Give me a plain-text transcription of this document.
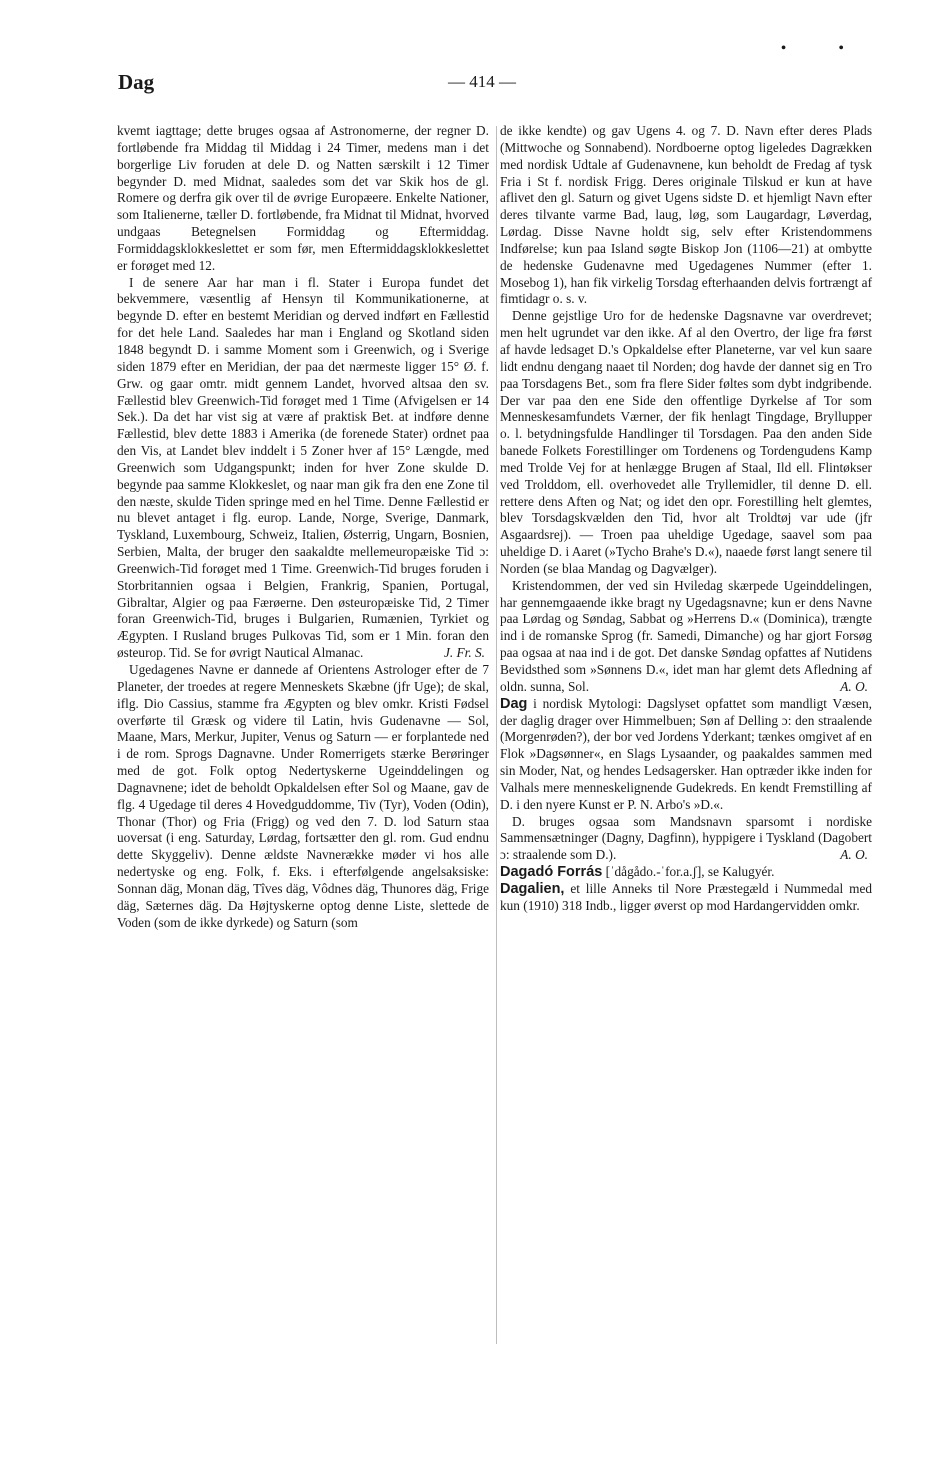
• •
Dag	— 414 —

kvemt iagttage; dette bruges ogsaa af Astronomerne, der regner D. fortløbende fra Middag til Middag i 24 Timer, medens man i det borgerlige Liv foruden at dele D. og Natten særskilt i 12 Timer begynder D. med Midnat, saaledes som det var Skik hos de gl. Romere og derfra gik over til de øvrige Europæere. Enkelte Nationer, som Italienerne, tæller D. fortløbende, fra Midnat til Midnat, hvorved undgaas Betegnelsen Formiddag og Eftermiddag. Formiddagsklokkeslettet er som før, men Eftermiddagsklokkeslettet er forøget med 12.

I de senere Aar har man i fl. Stater i Europa fundet det bekvemmere, væsentlig af Hensyn til Kommunikationerne, at begynde D. efter en bestemt Meridian og derved indført en Fællestid for det hele Land. Saaledes har man i England og Skotland siden 1848 begyndt D. i samme Moment som i Greenwich, og i Sverige siden 1879 efter en Meridian, der paa det nærmeste ligger 15° Ø. f. Grw. og gaar omtr. midt gennem Landet, hvorved altsaa den sv. Fællestid blev Greenwich-Tid forøget med 1 Time (Afvigelsen er 14 Sek.). Da det har vist sig at være af praktisk Bet. at indføre denne Fællestid, blev dette 1883 i Amerika (de forenede Stater) ordnet paa den Vis, at Landet blev inddelt i 5 Zoner hver af 15° Længde, med Greenwich som Udgangspunkt; inden for hver Zone skulde D. begynde paa samme Klokkeslet, og naar man gik fra den ene Zone til den næste, skulde Tiden springe med en hel Time. Denne Fællestid er nu blevet antaget i flg. europ. Lande, Norge, Sverige, Danmark, Tyskland, Luxembourg, Schweiz, Italien, Østerrig, Ungarn, Bosnien, Serbien, Malta, der bruger den saakaldte mellemeuropæiske Tid ɔ: Greenwich-Tid forøget med 1 Time. Greenwich-Tid bruges foruden i Storbritannien ogsaa i Belgien, Frankrig, Spanien, Portugal, Gibraltar, Algier og paa Færøerne. Den østeuropæiske Tid, 2 Timer foran Greenwich-Tid, bruges i Bulgarien, Rumænien, Tyrkiet og Ægypten. I Rusland bruges Pulkovas Tid, som er 1 Min. foran den østeurop. Tid. Se for øvrigt Nautical Almanac.	J. Fr. S.

Ugedagenes Navne er dannede af Orientens Astrologer efter de 7 Planeter, der troedes at regere Menneskets Skæbne (jfr Uge); de skal, iflg. Dio Cassius, stamme fra Ægypten og blev omkr. Kristi Fødsel overførte til Græsk og videre til Latin, hvis Gudenavne — Sol, Maane, Mars, Merkur, Jupiter, Venus og Saturn — er forplantede ned i de rom. Sprogs Dagnavne. Under Romerrigets stærke Berøringer med de got. Folk optog Nedertyskerne Ugeinddelingen og Dagnavnene; idet de beholdt Opkaldelsen efter Sol og Maane, gav de flg. 4 Ugedage til deres 4 Hovedguddomme, Tiv (Tyr), Voden (Odin), Thonar (Thor) og Fria (Frigg) og ved den 7. D. lod Saturn staa uoversat (i eng. Saturday, Lørdag, fortsætter den gl. rom. Gud endnu dette Skyggeliv). Denne ældste Navnerække møder vi hos alle nedertyske og eng. Folk, f. Eks. i efterfølgende angelsaksiske: Sonnan däg, Monan däg, Tîves däg, Vôdnes däg, Thunores däg, Frige däg, Sæternes däg. Da Højtyskerne optog denne Liste, slettede de Voden (som de ikke dyrkede) og Saturn (som

de ikke kendte) og gav Ugens 4. og 7. D. Navn efter deres Plads (Mittwoche og Sonnabend). Nordboerne optog ligeledes Dagrækken med nordisk Udtale af Gudenavnene, kun beholdt de Fredag af tysk Fria i St f. nordisk Frigg. Deres originale Tilskud er kun at have aflivet den gl. Saturn og givet Ugens sidste D. et hjemligt Navn efter deres tilvante varme Bad, laug, løg, som Laugardagr, Løverdag, Lørdag. Disse Navne holdt sig, selv efter Kristendommens Indførelse; kun paa Island søgte Biskop Jon (1106—21) at ombytte de hedenske Gudenavne med Ugedagenes Nummer (efter 1. Mosebog 1), han fik virkelig Torsdag efterhaanden delvis fortrængt af fimtidagr o. s. v.

Denne gejstlige Uro for de hedenske Dagsnavne var overdrevet; men helt ugrundet var den ikke. Af al den Overtro, der lige fra først af havde ledsaget D.'s Opkaldelse efter Planeterne, var vel kun saare lidt endnu dengang naaet til Norden; dog havde der dannet sig en Tro paa Torsdagens Bet., som fra flere Sider føltes som dybt indgribende. Der var paa den ene Side den offentlige Dyrkelse af Tor som Menneskesamfundets Værner, der fik henlagt Tingdage, Bryllupper o. l. betydningsfulde Handlinger til Torsdagen. Paa den anden Side banede Folkets Forestillinger om Tordenens og Tordengudens Kamp med Trolde Vej for at henlægge Brugen af Staal, Ild ell. Flintøkser ved Trolddom, ell. overhovedet alle Tryllemidler, til denne D. ell. rettere dens Aften og Nat; og idet den opr. Forestilling helt glemtes, blev Torsdagskvælden den Tid, hvor alt Troldtøj var ude (jfr Asgaardsrej). — Troen paa uheldige Ugedage, saavel som paa uheldige D. i Aaret (»Tycho Brahe's D.«), naaede først langt senere til Norden (se blaa Mandag og Dagvælger).

Kristendommen, der ved sin Hviledag skærpede Ugeinddelingen, har gennemgaaende ikke bragt ny Ugedagsnavne; kun er dens Navne paa Lørdag og Søndag, Sabbat og »Herrens D.« (Dominica), trængte ind i de romanske Sprog (fr. Samedi, Dimanche) og har gjort Forsøg paa ogsaa at naa ind i de got. Det danske Søndag opfattes af Nutidens Bevidsthed som »Sønnens D.«, idet man har glemt dets Afledning af oldn. sunna, Sol.	A. O.

Dag i nordisk Mytologi: Dagslyset opfattet som mandligt Væsen, der daglig drager over Himmelbuen; Søn af Delling ɔ: den straalende (Morgenrøden?), der bor ved Jordens Yderkant; tænkes omgivet af en Flok »Dagsønner«, en Slags Lysaander, og paakaldes sammen med sin Moder, Nat, og hendes Ledsagersker. Han optræder ikke inden for Valhals mere menneskelignende Gudekreds. En kendt Fremstilling af D. i den nyere Kunst er P. N. Arbo's »D.«.

D. bruges ogsaa som Mandsnavn sparsomt i nordiske Sammensætninger (Dagny, Dagfinn), hyppigere i Tyskland (Dagobert ɔ: straalende som D.).	A. O.

Dagadó Forrás [ˈdågådo.-ˈfor.a.ʃ], se Kalugyér.

Dagalien, et lille Anneks til Nore Præstegæld i Nummedal med kun (1910) 318 Indb., ligger øverst op mod Hardangervidden omkr.
